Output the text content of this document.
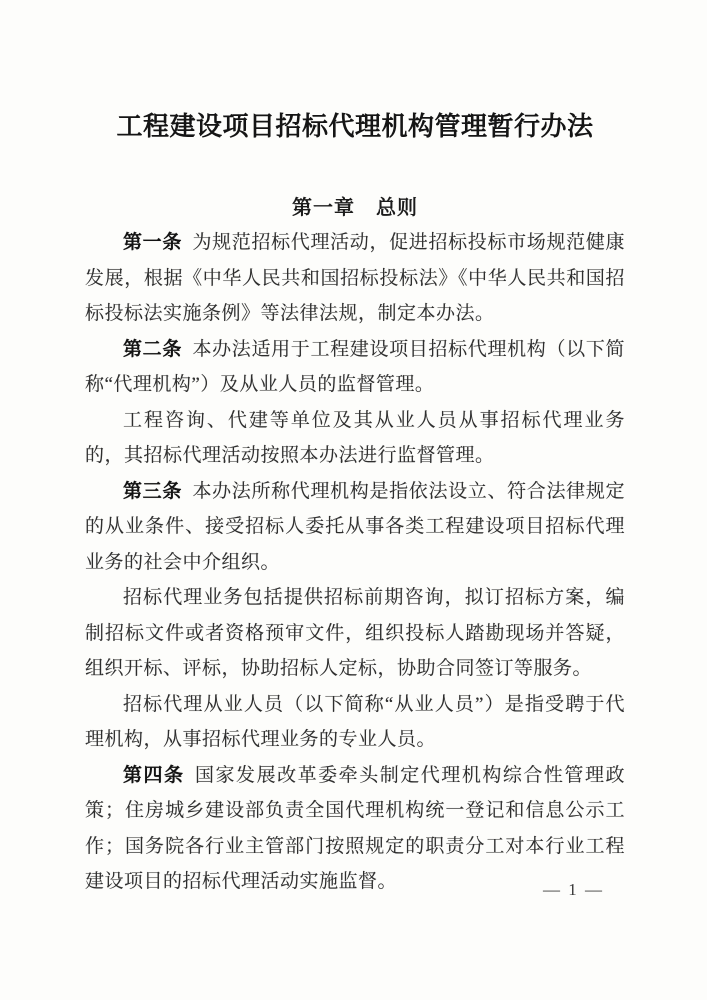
工程建设项目招标代理机构管理暂行办法
第一章　总则

第一条 为规范招标代理活动，促进招标投标市场规范健康发展，根据《中华人民共和国招标投标法》《中华人民共和国招标投标法实施条例》等法律法规，制定本办法。

第二条 本办法适用于工程建设项目招标代理机构（以下简称“代理机构”）及从业人员的监督管理。

工程咨询、代建等单位及其从业人员从事招标代理业务的，其招标代理活动按照本办法进行监督管理。

第三条 本办法所称代理机构是指依法设立、符合法律规定的从业条件、接受招标人委托从事各类工程建设项目招标代理业务的社会中介组织。

招标代理业务包括提供招标前期咨询，拟订招标方案，编制招标文件或者资格预审文件，组织投标人踏勘现场并答疑，组织开标、评标，协助招标人定标，协助合同签订等服务。

招标代理从业人员（以下简称“从业人员”）是指受聘于代理机构，从事招标代理业务的专业人员。

第四条 国家发展改革委牵头制定代理机构综合性管理政策；住房城乡建设部负责全国代理机构统一登记和信息公示工作；国务院各行业主管部门按照规定的职责分工对本行业工程建设项目的招标代理活动实施监督。	— 1 —
